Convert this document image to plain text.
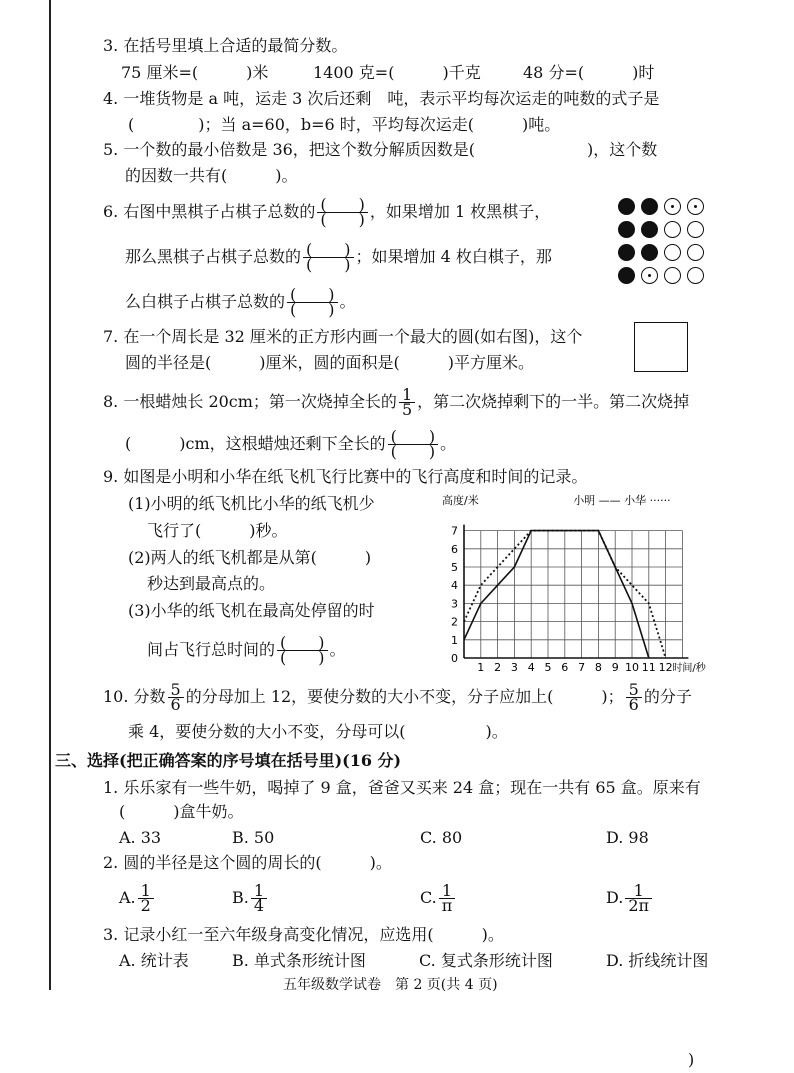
3. 在括号里填上合适的最简分数。
75 厘米=(　　　)米	1400 克=(　　　)千克	48 分=(　　　)时
4. 一堆货物是 a 吨，运走 3 次后还剩　吨，表示平均每次运走的吨数的式子是
(　　　　)；当 a=60，b=6 时，平均每次运走(　　　)吨。
5. 一个数的最小倍数是 36，把这个数分解质因数是(　　　　　　　)，这个数
的因数一共有(　　　)。
6. 右图中黑棋子占棋子总数的 $\frac{( )}{( )}$ ，如果增加 1 枚黑棋子，
那么黑棋子占棋子总数的 $\frac{( )}{( )}$ ；如果增加 4 枚白棋子，那
么白棋子占棋子总数的 $\frac{( )}{( )}$ 。
7. 在一个周长是 32 厘米的正方形内画一个最大的圆(如右图)，这个
圆的半径是(　　　)厘米，圆的面积是(　　　)平方厘米。
8. 一根蜡烛长 20cm；第一次烧掉全长的 $\frac{1}{5}$ ，第二次烧掉剩下的一半。第二次烧掉
(　　　)cm，这根蜡烛还剩下全长的 $\frac{( )}{( )}$ 。
9. 如图是小明和小华在纸飞机飞行比赛中的飞行高度和时间的记录。
(1)小明的纸飞机比小华的纸飞机少
飞行了(　　　)秒。
(2)两人的纸飞机都是从第(　　　)
秒达到最高点的。
(3)小华的纸飞机在最高处停留的时
间占飞行总时间的 $\frac{( )}{( )}$ 。	0
1
2
3
4
5
6
7
1 2 3 4 5 6 7 8 9 10 11 12
高度/米
时间/秒
小明 —— 小华 ······
10. 分数 $\frac{5}{6}$ 的分母加上 12，要使分数的大小不变，分子应加上(　　　)； $\frac{5}{6}$ 的分子
乘 4，要使分数的大小不变，分母可以(　　　　　)。
三、选择(把正确答案的序号填在括号里)(16 分)
1. 乐乐家有一些牛奶，喝掉了 9 盒，爸爸又买来 24 盒；现在一共有 65 盒。原来有
(　　　)盒牛奶。
A. 33	B. 50	C. 80	D. 98
2. 圆的半径是这个圆的周长的(　　　)。
A. $\frac{1}{2}$	B. $\frac{1}{4}$	C. $\frac{1}{\pi}$	D. $\frac{1}{2\pi}$
3. 记录小红一至六年级身高变化情况，应选用(　　　)。
A. 统计表	B. 单式条形统计图	C. 复式条形统计图	D. 折线统计图
五年级数学试卷　第 2 页(共 4 页)
)
